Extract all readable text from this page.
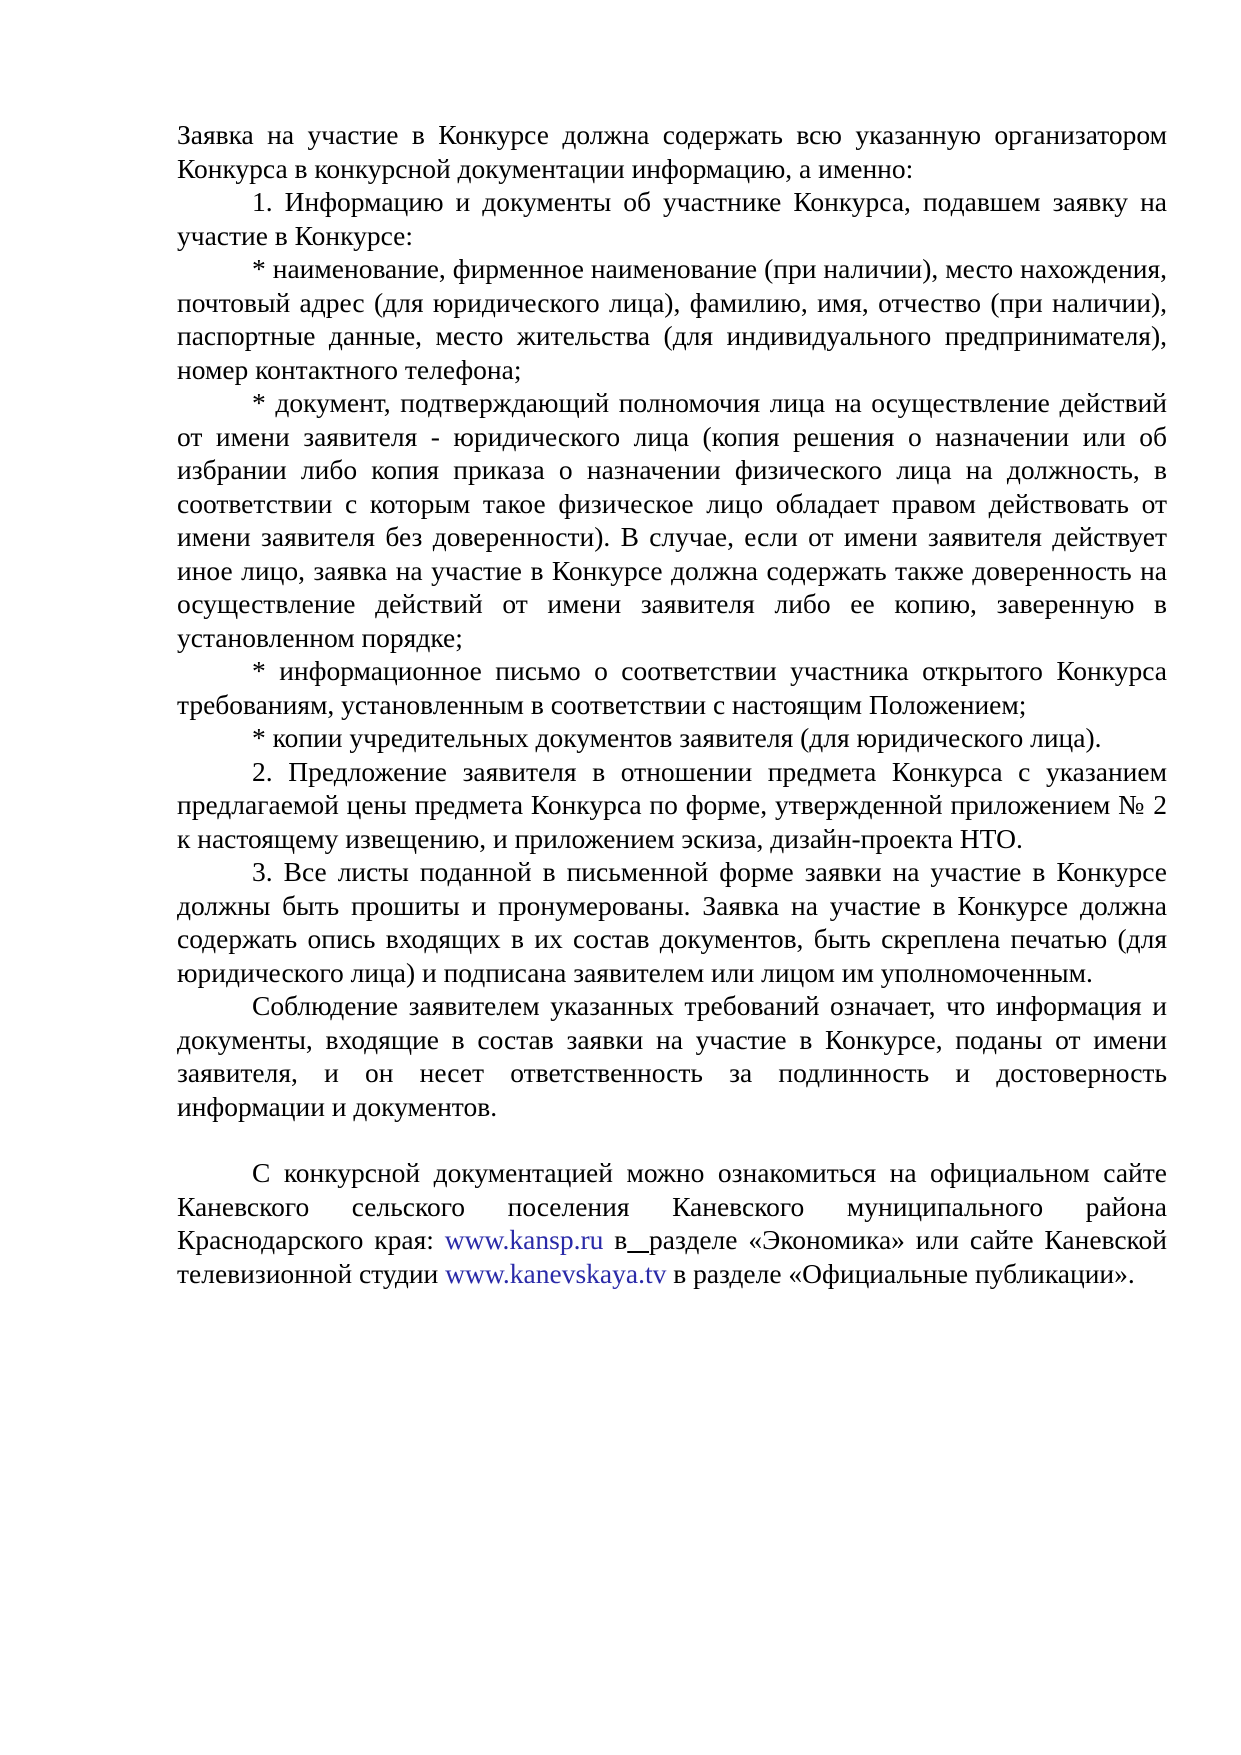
Заявка на участие в Конкурсе должна содержать всю указанную организатором Конкурса в конкурсной документации информацию, а именно:

1. Информацию и документы об участнике Конкурса, подавшем заявку на участие в Конкурсе:

* наименование, фирменное наименование (при наличии), место нахождения, почтовый адрес (для юридического лица), фамилию, имя, отчество (при наличии), паспортные данные, место жительства (для индивидуального предпринимателя), номер контактного телефона;

* документ, подтверждающий полномочия лица на осуществление действий от имени заявителя - юридического лица (копия решения о назначении или об избрании либо копия приказа о назначении физического лица на должность, в соответствии с которым такое физическое лицо обладает правом действовать от имени заявителя без доверенности). В случае, если от имени заявителя действует иное лицо, заявка на участие в Конкурсе должна содержать также доверенность на осуществление действий от имени заявителя либо ее копию, заверенную в установленном порядке;

* информационное письмо о соответствии участника открытого Конкурса требованиям, установленным в соответствии с настоящим Положением;

* копии учредительных документов заявителя (для юридического лица).

2. Предложение заявителя в отношении предмета Конкурса с указанием предлагаемой цены предмета Конкурса по форме, утвержденной приложением № 2 к настоящему извещению, и приложением эскиза, дизайн-проекта НТО.

3. Все листы поданной в письменной форме заявки на участие в Конкурсе должны быть прошиты и пронумерованы. Заявка на участие в Конкурсе должна содержать опись входящих в их состав документов, быть скреплена печатью (для юридического лица) и подписана заявителем или лицом им уполномоченным.

Соблюдение заявителем указанных требований означает, что информация и документы, входящие в состав заявки на участие в Конкурсе, поданы от имени заявителя, и он несет ответственность за подлинность и достоверность информации и документов.

С конкурсной документацией можно ознакомиться на официальном сайте Каневского сельского поселения Каневского муниципального района Краснодарского края: www.kansp.ru в разделе «Экономика» или сайте Каневской телевизионной студии www.kanevskaya.tv в разделе «Официальные публикации».
